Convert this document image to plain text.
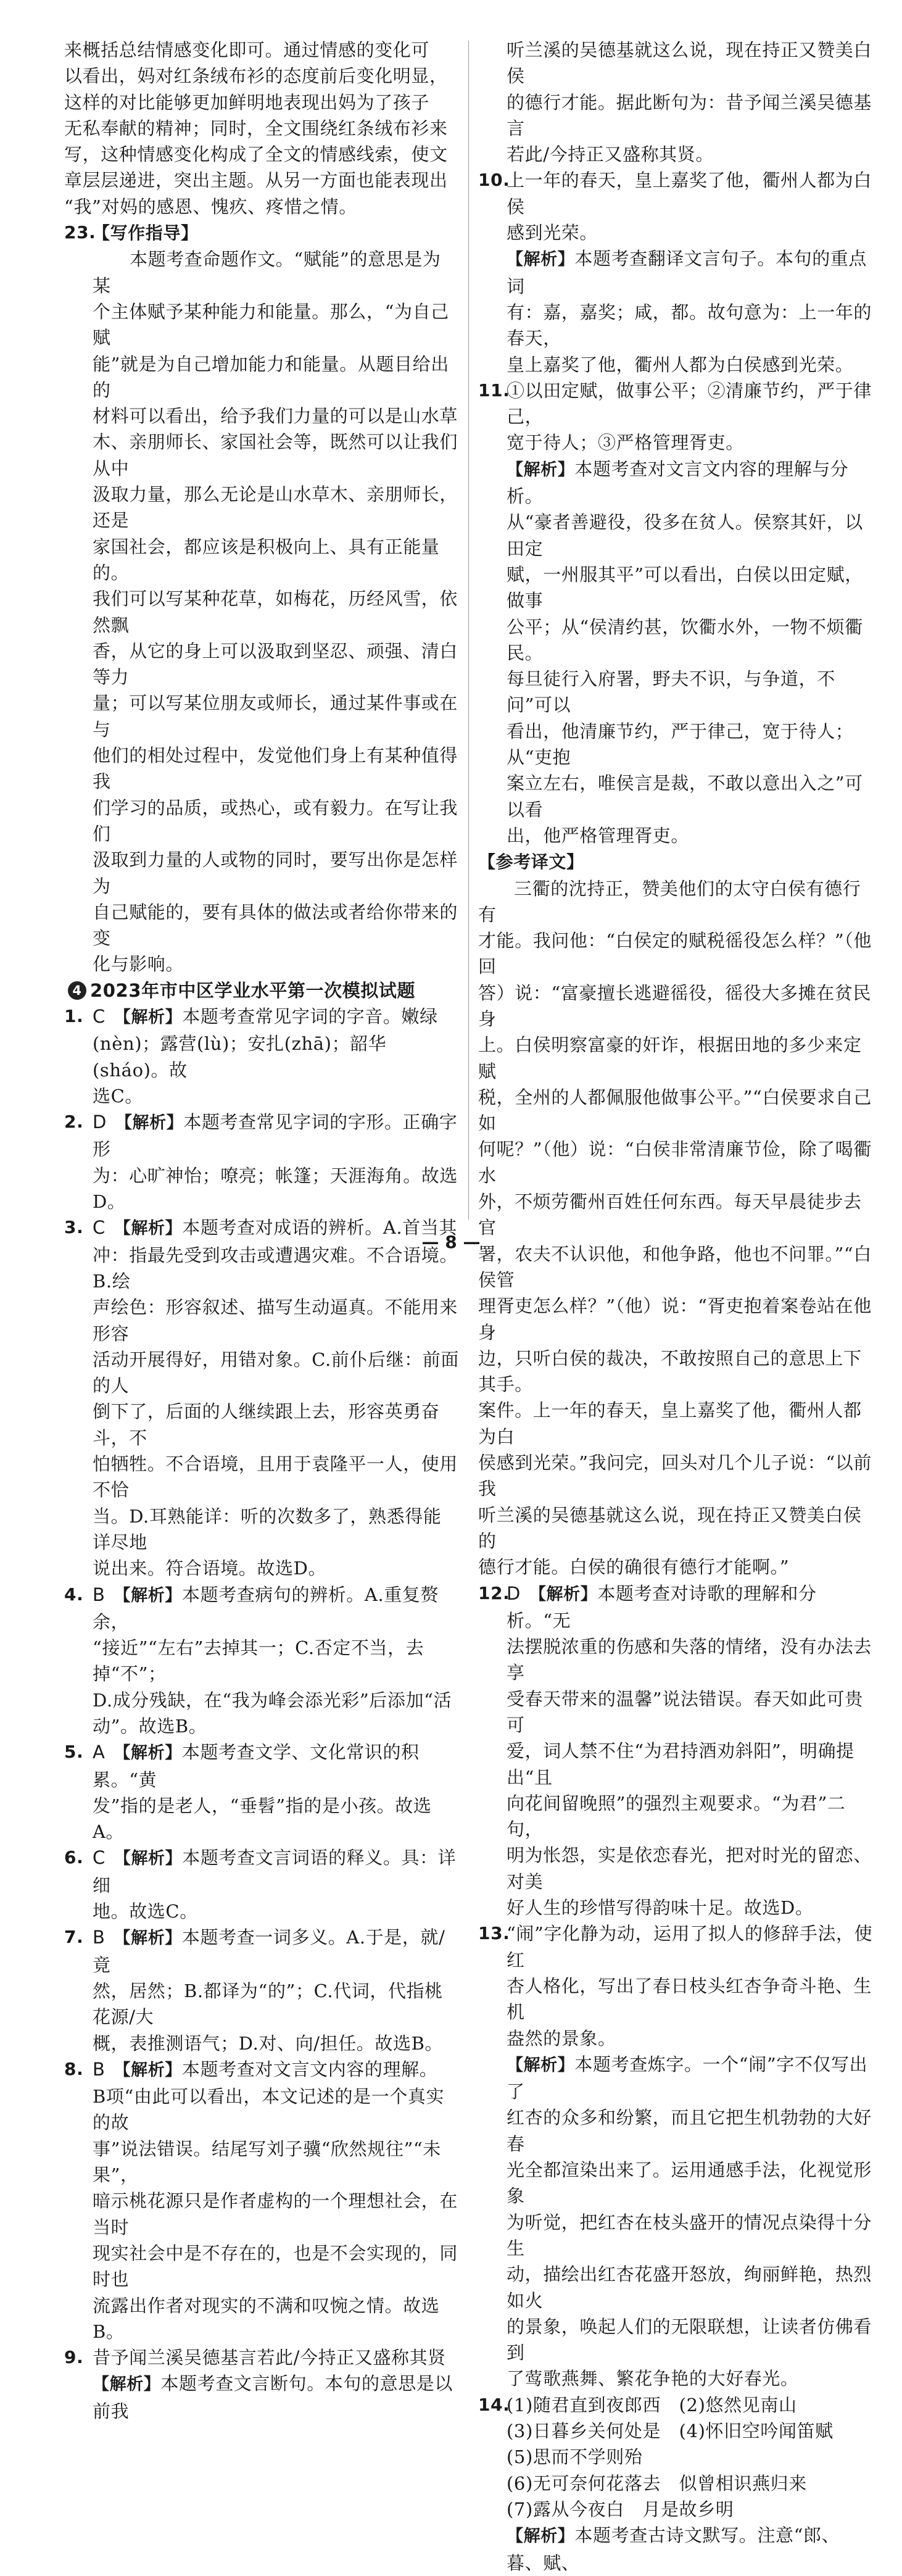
来概括总结情感变化即可。通过情感的变化可

以看出，妈对红条绒布衫的态度前后变化明显，

这样的对比能够更加鲜明地表现出妈为了孩子

无私奉献的精神；同时，全文围绕红条绒布衫来

写，这种情感变化构成了全文的情感线索，使文

章层层递进，突出主题。从另一方面也能表现出

“我”对妈的感恩、愧疚、疼惜之情。

23.

【写作指导】

本题考查命题作文。“赋能”的意思是为某

个主体赋予某种能力和能量。那么，“为自己赋

能”就是为自己增加能力和能量。从题目给出的

材料可以看出，给予我们力量的可以是山水草

木、亲朋师长、家国社会等，既然可以让我们从中

汲取力量，那么无论是山水草木、亲朋师长，还是

家国社会，都应该是积极向上、具有正能量的。

我们可以写某种花草，如梅花，历经风雪，依然飘

香，从它的身上可以汲取到坚忍、顽强、清白等力

量；可以写某位朋友或师长，通过某件事或在与

他们的相处过程中，发觉他们身上有某种值得我

们学习的品质，或热心，或有毅力。在写让我们

汲取到力量的人或物的同时，要写出你是怎样为

自己赋能的，要有具体的做法或者给你带来的变

化与影响。

4 2023年市中区学业水平第一次模拟试题
1. C 【解析】本题考查常见字词的字音。嫩绿

(nèn)；露营(lù)；安扎(zhā)；韶华(sháo)。故

选C。

2. D 【解析】本题考查常见字词的字形。正确字形

为：心旷神怡；嘹亮；帐篷；天涯海角。故选D。

3. C 【解析】本题考查对成语的辨析。A.首当其

冲：指最先受到攻击或遭遇灾难。不合语境。B.绘

声绘色：形容叙述、描写生动逼真。不能用来形容

活动开展得好，用错对象。C.前仆后继：前面的人

倒下了，后面的人继续跟上去，形容英勇奋斗，不

怕牺牲。不合语境，且用于袁隆平一人，使用不恰

当。D.耳熟能详：听的次数多了，熟悉得能详尽地

说出来。符合语境。故选D。

4. B 【解析】本题考查病句的辨析。A.重复赘余，

“接近”“左右”去掉其一；C.否定不当，去掉“不”；

D.成分残缺，在“我为峰会添光彩”后添加“活

动”。故选B。

5. A 【解析】本题考查文学、文化常识的积累。“黄

发”指的是老人，“垂髫”指的是小孩。故选A。

6. C 【解析】本题考查文言词语的释义。具：详细

地。故选C。

7. B 【解析】本题考查一词多义。A.于是，就/竟

然，居然；B.都译为“的”；C.代词，代指桃花源/大

概，表推测语气；D.对、向/担任。故选B。

8. B 【解析】本题考查对文言文内容的理解。

B项“由此可以看出，本文记述的是一个真实的故

事”说法错误。结尾写刘子骥“欣然规往”“未果”，

暗示桃花源只是作者虚构的一个理想社会，在当时

现实社会中是不存在的，也是不会实现的，同时也

流露出作者对现实的不满和叹惋之情。故选B。

9. 昔予闻兰溪吴德基言若此/今持正又盛称其贤

【解析】本题考查文言断句。本句的意思是以前我

听兰溪的吴德基就这么说，现在持正又赞美白侯

的德行才能。据此断句为：昔予闻兰溪吴德基言

若此/今持正又盛称其贤。

10.

上一年的春天，皇上嘉奖了他，衢州人都为白侯

感到光荣。

【解析】本题考查翻译文言句子。本句的重点词

有：嘉，嘉奖；咸，都。故句意为：上一年的春天，

皇上嘉奖了他，衢州人都为白侯感到光荣。

11.

①以田定赋，做事公平；②清廉节约，严于律己，

宽于待人；③严格管理胥吏。

【解析】本题考查对文言文内容的理解与分析。

从“豪者善避役，役多在贫人。侯察其奸，以田定

赋，一州服其平”可以看出，白侯以田定赋，做事

公平；从“侯清约甚，饮衢水外，一物不烦衢民。

每旦徒行入府署，野夫不识，与争道，不问”可以

看出，他清廉节约，严于律己，宽于待人；从“吏抱

案立左右，唯侯言是裁，不敢以意出入之”可以看

出，他严格管理胥吏。

【参考译文】

三衢的沈持正，赞美他们的太守白侯有德行有

才能。我问他：“白侯定的赋税徭役怎么样？”（他回

答）说：“富豪擅长逃避徭役，徭役大多摊在贫民身

上。白侯明察富豪的奸诈，根据田地的多少来定赋

税，全州的人都佩服他做事公平。”“白侯要求自己如

何呢？”（他）说：“白侯非常清廉节俭，除了喝衢水

外，不烦劳衢州百姓任何东西。每天早晨徒步去官

署，农夫不认识他，和他争路，他也不问罪。”“白侯管

理胥吏怎么样？”（他）说：“胥吏抱着案卷站在他身

边，只听白侯的裁决，不敢按照自己的意思上下其手。

案件。上一年的春天，皇上嘉奖了他，衢州人都为白

侯感到光荣。”我问完，回头对几个儿子说：“以前我

听兰溪的吴德基就这么说，现在持正又赞美白侯的

德行才能。白侯的确很有德行才能啊。”

12.

D 【解析】本题考查对诗歌的理解和分析。“无

法摆脱浓重的伤感和失落的情绪，没有办法去享

受春天带来的温馨”说法错误。春天如此可贵可

爱，词人禁不住“为君持酒劝斜阳”，明确提出“且

向花间留晚照”的强烈主观要求。“为君”二句，

明为怅怨，实是依恋春光，把对时光的留恋、对美

好人生的珍惜写得韵味十足。故选D。

13.

“闹”字化静为动，运用了拟人的修辞手法，使红

杏人格化，写出了春日枝头红杏争奇斗艳、生机

盎然的景象。

【解析】本题考查炼字。一个“闹”字不仅写出了

红杏的众多和纷繁，而且它把生机勃勃的大好春

光全都渲染出来了。运用通感手法，化视觉形象

为听觉，把红杏在枝头盛开的情况点染得十分生

动，描绘出红杏花盛开怒放，绚丽鲜艳，热烈如火

的景象，唤起人们的无限联想，让读者仿佛看到

了莺歌燕舞、繁花争艳的大好春光。

14.

(1)随君直到夜郎西　(2)悠然见南山

(3)日暮乡关何处是　(4)怀旧空吟闻笛赋

(5)思而不学则殆

(6)无可奈何花落去　似曾相识燕归来

(7)露从今夜白　月是故乡明

【解析】本题考查古诗文默写。注意“郎、暮、赋、

— 8 —
